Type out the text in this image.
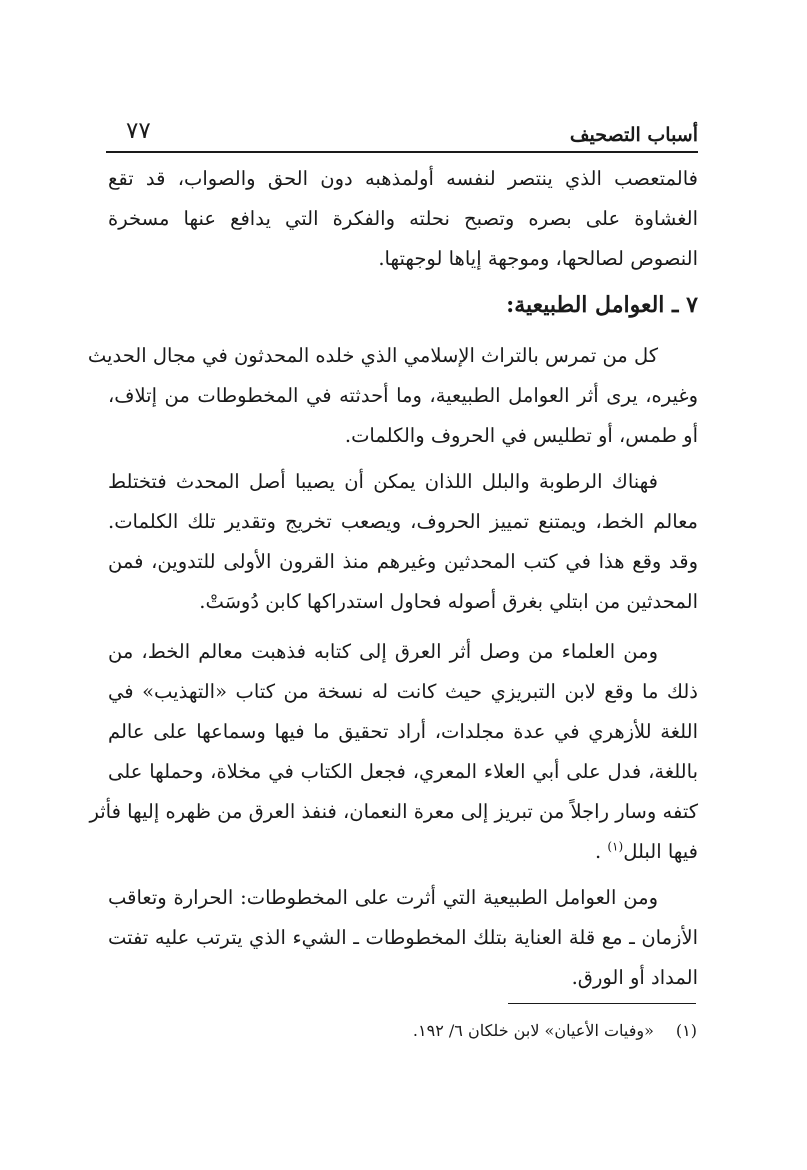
أسباب التصحيف
٧٧
فالمتعصب الذي ينتصر لنفسه أولمذهبه دون الحق والصواب، قد تقع
الغشاوة على بصره وتصبح نحلته والفكرة التي يدافع عنها مسخرة
النصوص لصالحها، وموجهة إياها لوجهتها.
٧ ـ العوامل الطبيعية:
كل من تمرس بالتراث الإسلامي الذي خلده المحدثون في مجال الحديث
وغيره، يرى أثر العوامل الطبيعية، وما أحدثته في المخطوطات من إتلاف،
أو طمس، أو تطليس في الحروف والكلمات.
فهناك الرطوبة والبلل اللذان يمكن أن يصيبا أصل المحدث فتختلط
معالم الخط، ويمتنع تمييز الحروف، ويصعب تخريج وتقدير تلك الكلمات.
وقد وقع هذا في كتب المحدثين وغيرهم منذ القرون الأولى للتدوين، فمن
المحدثين من ابتلي بغرق أصوله فحاول استدراكها كابن دُوسَتْ.
ومن العلماء من وصل أثر العرق إلى كتابه فذهبت معالم الخط، من
ذلك ما وقع لابن التبريزي حيث كانت له نسخة من كتاب «التهذيب» في
اللغة للأزهري في عدة مجلدات، أراد تحقيق ما فيها وسماعها على عالم
باللغة، فدل على أبي العلاء المعري، فجعل الكتاب في مخلاة، وحملها على
كتفه وسار راجلاً من تبريز إلى معرة النعمان، فنفذ العرق من ظهره إليها فأثر
فيها البلل$^{(١)}$ .
ومن العوامل الطبيعية التي أثرت على المخطوطات: الحرارة وتعاقب
الأزمان ـ مع قلة العناية بتلك المخطوطات ـ الشيء الذي يترتب عليه تفتت
المداد أو الورق.
(١)«وفيات الأعيان» لابن خلكان ٦/ ١٩٢.
